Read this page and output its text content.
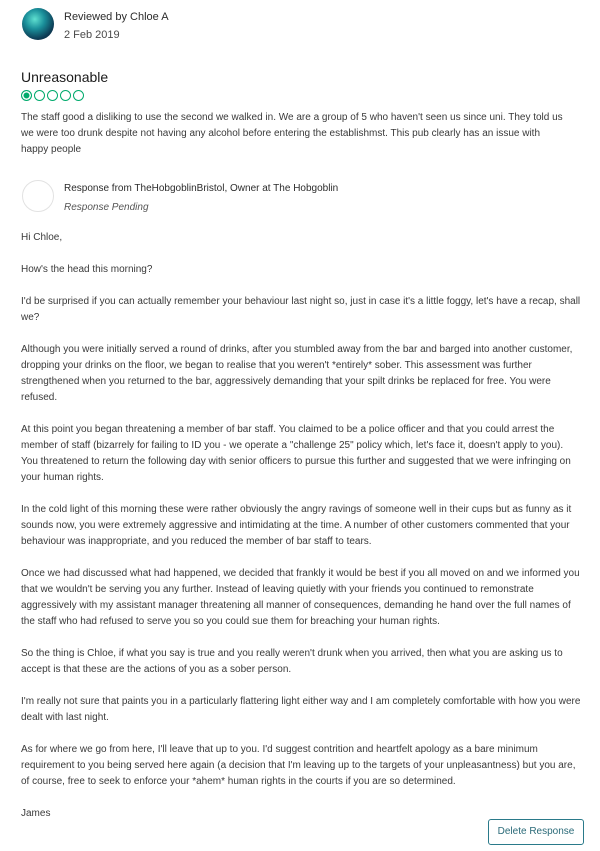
Reviewed by Chloe A
2 Feb 2019
Unreasonable
The staff good a disliking to use the second we walked in. We are a group of 5 who haven't seen us since uni. They told us we were too drunk despite not having any alcohol before entering the establishmst. This pub clearly has an issue with happy people
Response from TheHobgoblinBristol, Owner at The Hobgoblin
Response Pending

Hi Chloe,

How's the head this morning?

I'd be surprised if you can actually remember your behaviour last night so, just in case it's a little foggy, let's have a recap, shall we?

Although you were initially served a round of drinks, after you stumbled away from the bar and barged into another customer, dropping your drinks on the floor, we began to realise that you weren't *entirely* sober. This assessment was further strengthened when you returned to the bar, aggressively demanding that your spilt drinks be replaced for free. You were refused.

At this point you began threatening a member of bar staff. You claimed to be a police officer and that you could arrest the member of staff (bizarrely for failing to ID you - we operate a "challenge 25" policy which, let's face it, doesn't apply to you). You threatened to return the following day with senior officers to pursue this further and suggested that we were infringing on your human rights.

In the cold light of this morning these were rather obviously the angry ravings of someone well in their cups but as funny as it sounds now, you were extremely aggressive and intimidating at the time. A number of other customers commented that your behaviour was inappropriate, and you reduced the member of bar staff to tears.

Once we had discussed what had happened, we decided that frankly it would be best if you all moved on and we informed you that we wouldn't be serving you any further. Instead of leaving quietly with your friends you continued to remonstrate aggressively with my assistant manager threatening all manner of consequences, demanding he hand over the full names of the staff who had refused to serve you so you could sue them for breaching your human rights.

So the thing is Chloe, if what you say is true and you really weren't drunk when you arrived, then what you are asking us to accept is that these are the actions of you as a sober person.

I'm really not sure that paints you in a particularly flattering light either way and I am completely comfortable with how you were dealt with last night.

As for where we go from here, I'll leave that up to you. I'd suggest contrition and heartfelt apology as a bare minimum requirement to you being served here again (a decision that I'm leaving up to the targets of your unpleasantness) but you are, of course, free to seek to enforce your *ahem* human rights in the courts if you are so determined.

James

Delete Response
